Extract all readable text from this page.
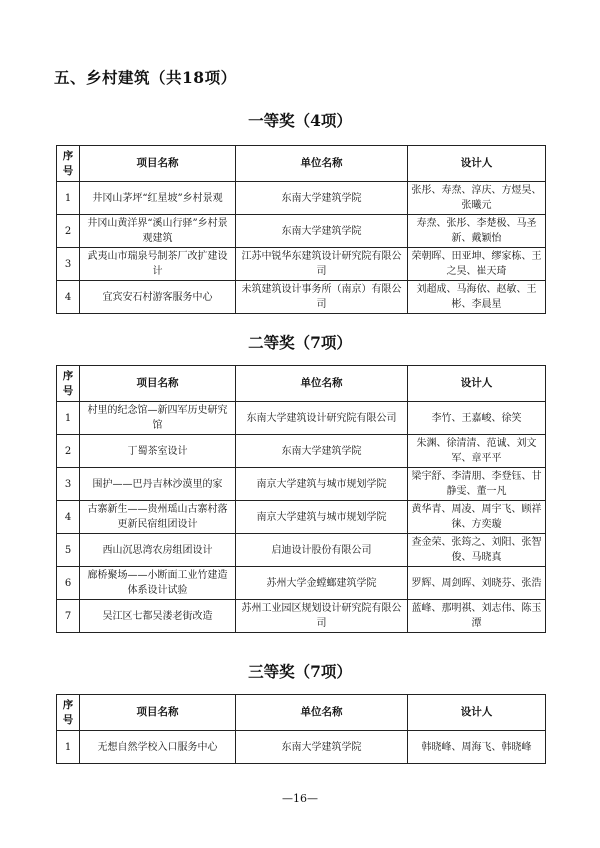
五、乡村建筑（共18项）
一等奖（4项）
序号	项目名称	单位名称	设计人
1	井冈山茅坪“红星坡”乡村景观	东南大学建筑学院	张彤、寿焘、淳庆、方煜昊、张曦元
2	井冈山黄洋界“溪山行驿”乡村景观建筑	东南大学建筑学院	寿焘、张彤、李楚极、马圣新、戴颖怡
3	武夷山市瑞泉号制茶厂改扩建设计	江苏中锐华东建筑设计研究院有限公司	荣朝晖、田亚坤、缪家栋、王之昊、崔天琦
4	宜宾安石村游客服务中心	未筑建筑设计事务所（南京）有限公司	刘超成、马海依、赵敏、王彬、李晨星
二等奖（7项）
序号	项目名称	单位名称	设计人
1	村里的纪念馆—新四军历史研究馆	东南大学建筑设计研究院有限公司	李竹、王嘉峻、徐笑
2	丁蜀茶室设计	东南大学建筑学院	朱渊、徐清清、范诚、刘文军、章平平
3	围护——巴丹吉林沙漠里的家	南京大学建筑与城市规划学院	梁宇舒、李清朋、李登钰、甘静雯、董一凡
4	古寨新生——贵州瑶山古寨村落更新民宿组团设计	南京大学建筑与城市规划学院	黄华青、周凌、周宇飞、顾祥徕、方奕璇
5	西山沉思湾农房组团设计	启迪设计股份有限公司	查金荣、张筠之、刘阳、张智俊、马晓真
6	廊桥聚场——小断面工业竹建造体系设计试验	苏州大学金螳螂建筑学院	罗辉、周剑晖、刘晓芬、张浩
7	吴江区七都吴溇老街改造	苏州工业园区规划设计研究院有限公司	蓝峰、那明祺、刘志伟、陈玉潭
三等奖（7项）
序号	项目名称	单位名称	设计人
1	无想自然学校入口服务中心	东南大学建筑学院	韩晓峰、周海飞、韩晓峰
—16—
